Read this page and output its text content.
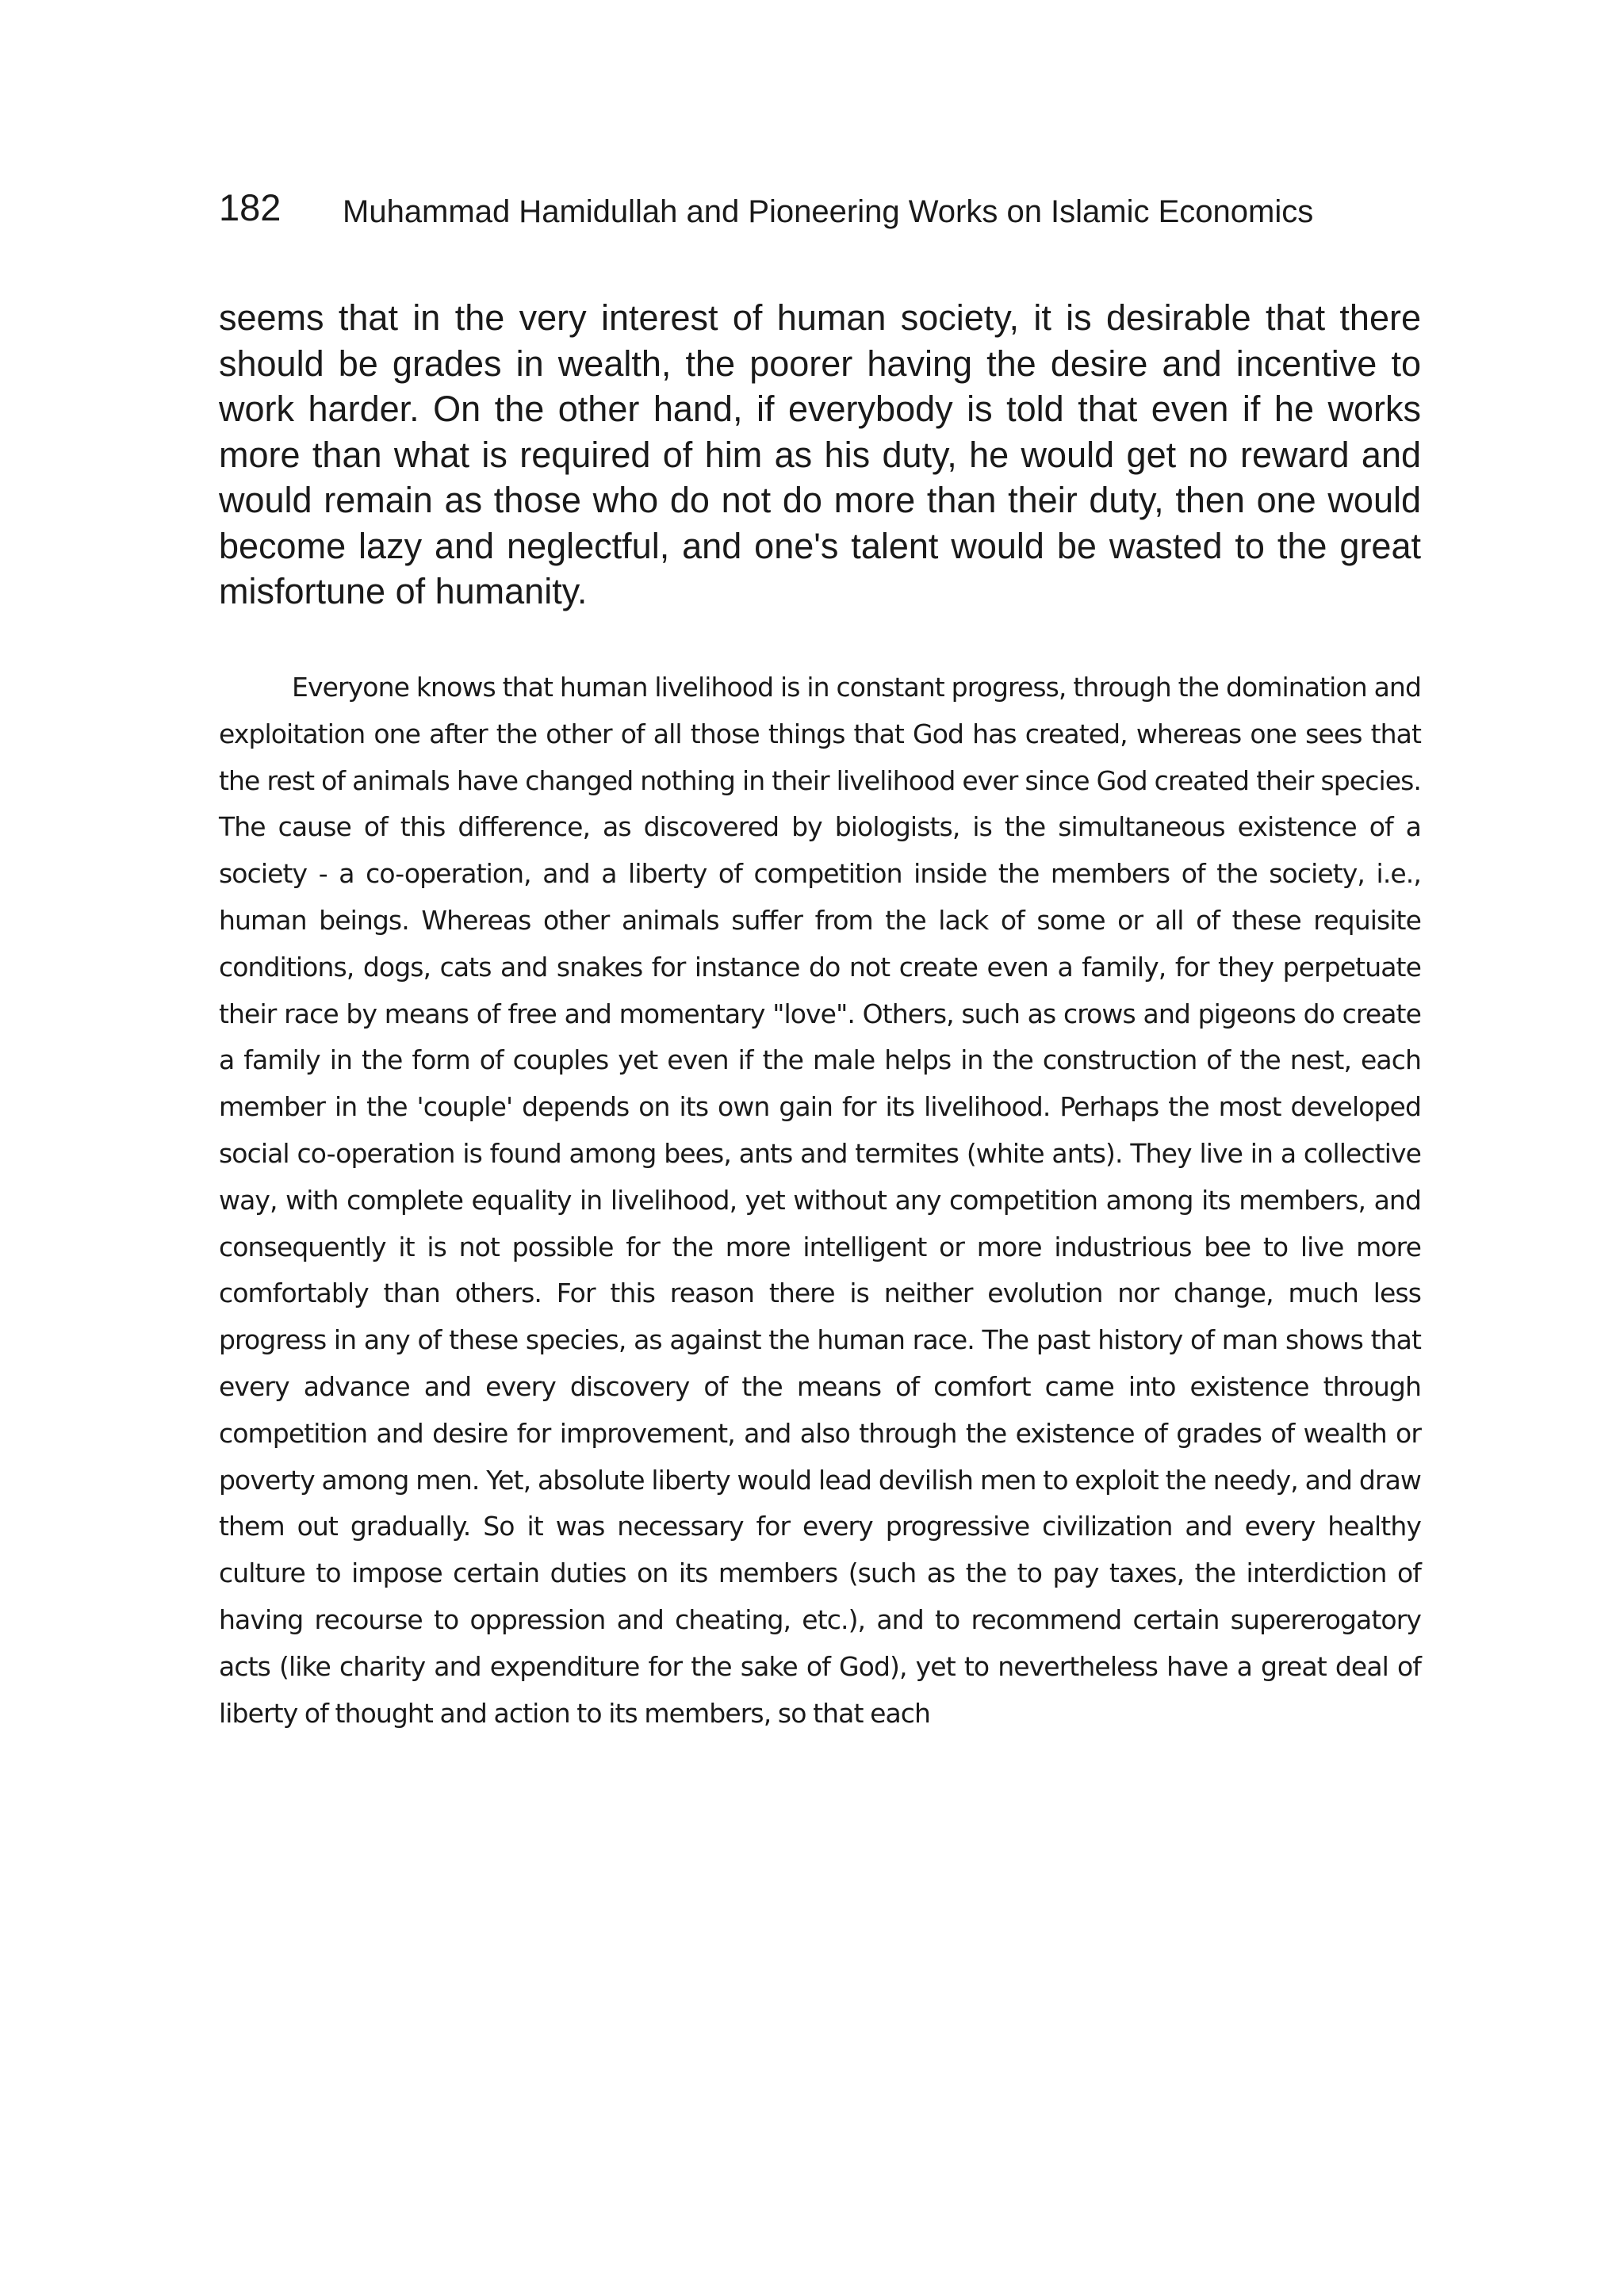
182 Muhammad Hamidullah and Pioneering Works on Islamic Economics

seems that in the very interest of human society, it is desirable that there should be grades in wealth, the poorer having the desire and incentive to work harder. On the other hand, if everybody is told that even if he works more than what is required of him as his duty, he would get no reward and would remain as those who do not do more than their duty, then one would become lazy and neglectful, and one's talent would be wasted to the great misfortune of humanity.

Everyone knows that human livelihood is in constant progress, through the domination and exploitation one after the other of all those things that God has created, whereas one sees that the rest of animals have changed nothing in their livelihood ever since God created their species. The cause of this difference, as discovered by biologists, is the simultaneous existence of a society - a co-operation, and a liberty of competition inside the members of the society, i.e., human beings. Whereas other animals suffer from the lack of some or all of these requisite conditions, dogs, cats and snakes for instance do not create even a family, for they perpetuate their race by means of free and momentary "love". Others, such as crows and pigeons do create a family in the form of couples yet even if the male helps in the construction of the nest, each member in the 'couple' depends on its own gain for its livelihood. Perhaps the most developed social co-operation is found among bees, ants and termites (white ants). They live in a collective way, with complete equality in livelihood, yet without any competition among its members, and consequently it is not possible for the more intelligent or more industrious bee to live more comfortably than others. For this reason there is neither evolution nor change, much less progress in any of these species, as against the human race. The past history of man shows that every advance and every discovery of the means of comfort came into existence through competition and desire for improvement, and also through the existence of grades of wealth or poverty among men. Yet, absolute liberty would lead devilish men to exploit the needy, and draw them out gradually. So it was necessary for every progressive civilization and every healthy culture to impose certain duties on its members (such as the to pay taxes, the interdiction of having recourse to oppression and cheating, etc.), and to recommend certain supererogatory acts (like charity and expenditure for the sake of God), yet to nevertheless have a great deal of liberty of thought and action to its members, so that each
